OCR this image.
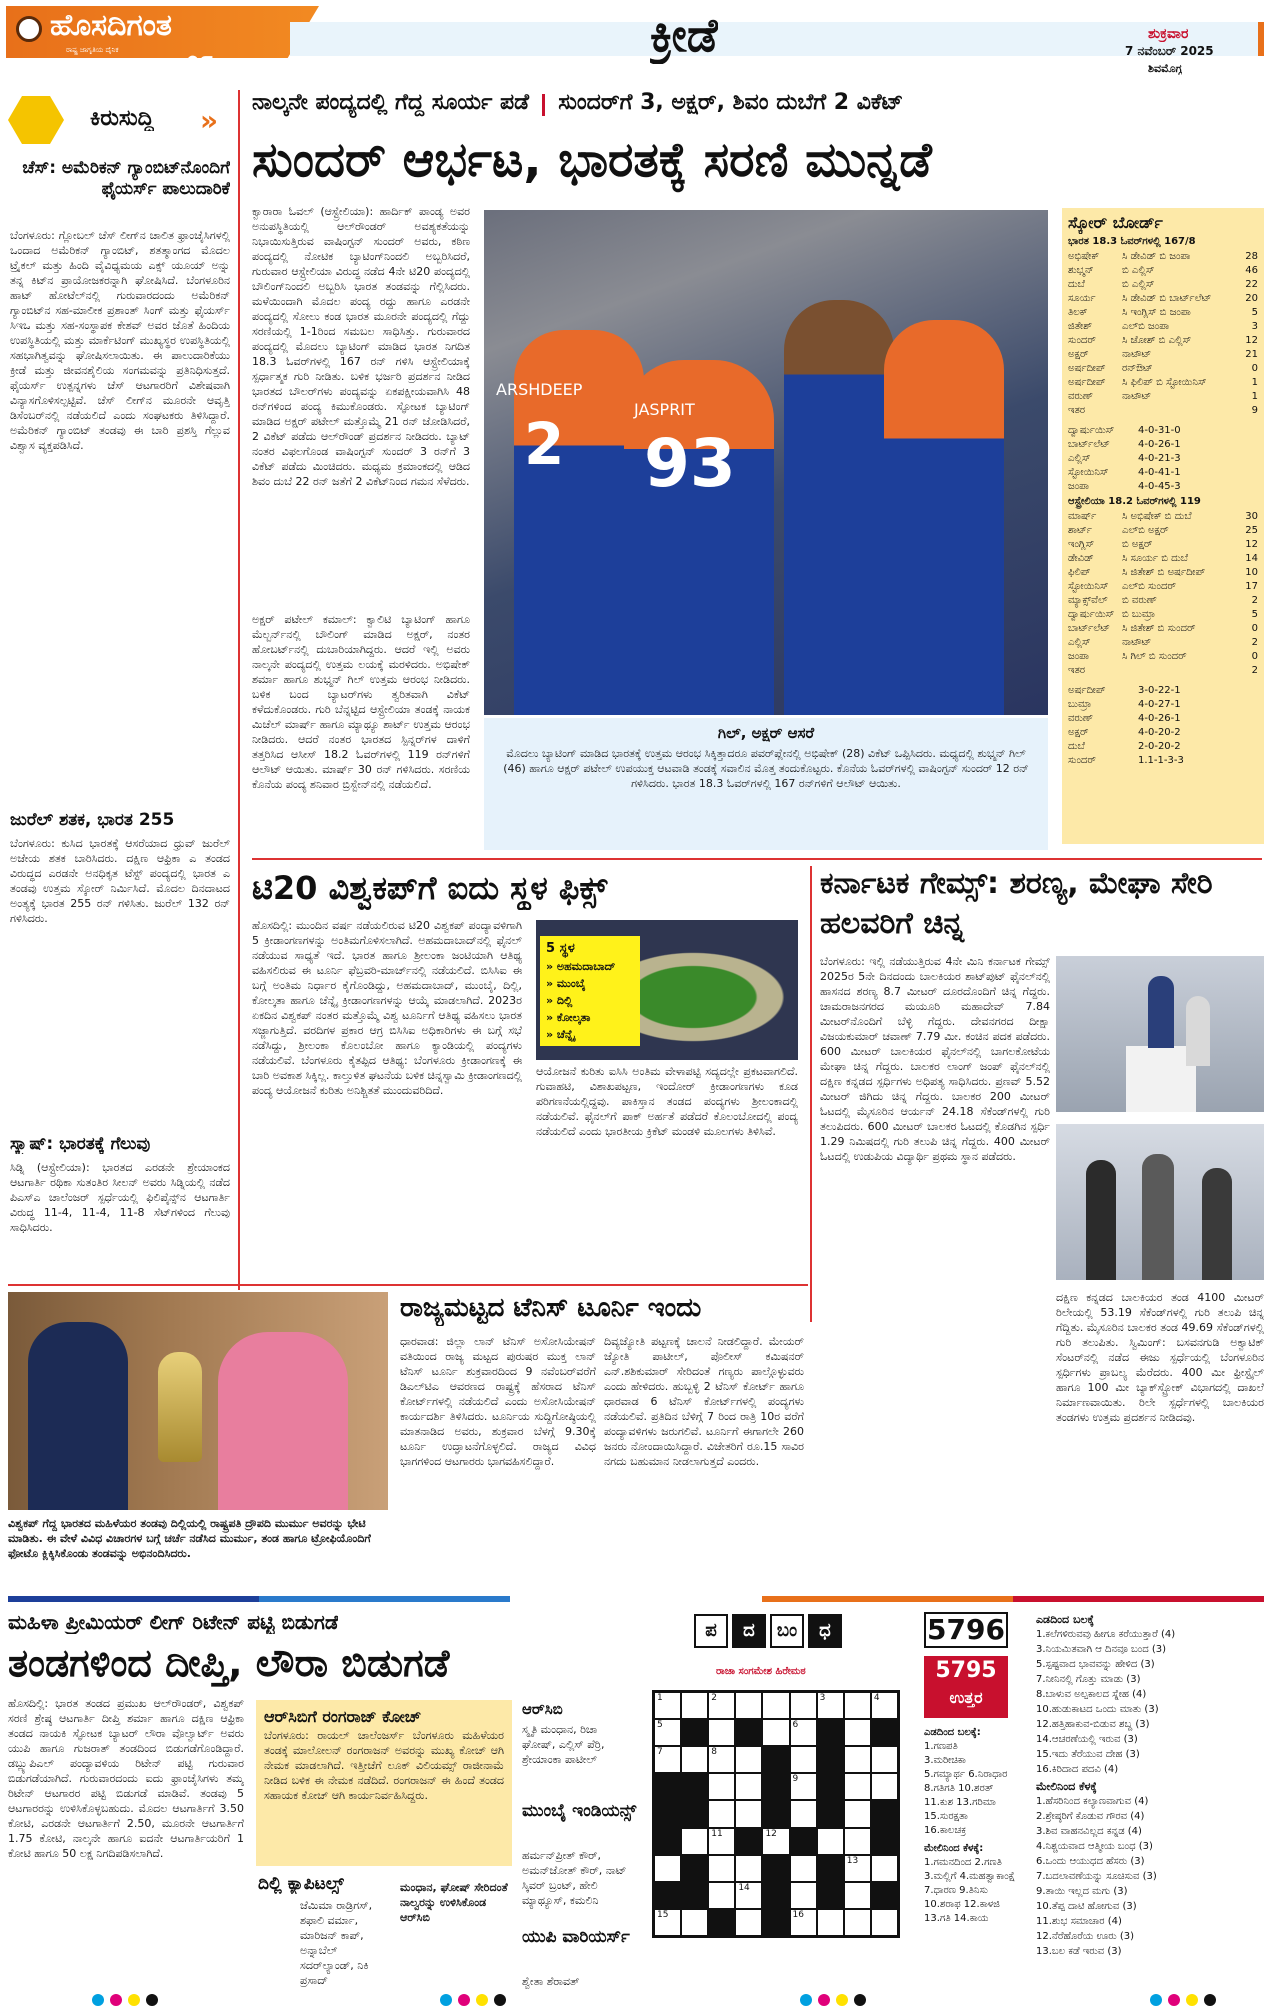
ಹೊಸದಿಗಂತ
ರಾಷ್ಟ್ರ ಜಾಗೃತಿಯ ದೈನಿಕ	೦೯	ಕ್ರೀಡೆ	ಶುಕ್ರವಾರ
7 ನವೆಂಬರ್ 2025
ಶಿವಮೊಗ್ಗ
ಕಿರುಸುದ್ದಿ »
ಚೆಸ್: ಅಮೆರಿಕನ್ ಗ್ಯಾಂಬಿಟ್‌ನೊಂದಿಗೆ ಫೈಯರ್ಸ್ ಪಾಲುದಾರಿಕೆ
ಬೆಂಗಳೂರು: ಗ್ಲೋಬಲ್ ಚೆಸ್ ಲೀಗ್‌ನ ಚಾಲಿತ ಫ್ರಾಂಚೈಸಿಗಳಲ್ಲಿ ಒಂದಾದ ಅಮೆರಿಕನ್ ಗ್ಯಾಂಬಿಟ್, ಶತತ್ಮಾಂಗದ ಮೊದಲ ಟ್ರೈಕಲ್ ಮತ್ತು ಹಿಂದಿ ವೈವಿಧ್ಯಮಯ ಎಕ್ಸ್ ಯೂಯ್ ಅನ್ನು ತನ್ನ ಕಿಟ್‌ನ ಪ್ರಾಯೋಜಕರನ್ನಾಗಿ ಘೋಷಿಸಿದೆ. ಬೆಂಗಳೂರಿನ ಹಾಟ್ ಹೋಟೆಲ್‌ನಲ್ಲಿ ಗುರುವಾರದಂದು ಅಮೆರಿಕನ್ ಗ್ಯಾಂಬಿಟ್‌ನ ಸಹ-ಮಾಲೀಕ ಪ್ರಶಾಂತ್ ಸಿಂಗ್ ಮತ್ತು ಫೈಯರ್ಸ್ ಸಿಇಒ ಮತ್ತು ಸಹ-ಸಂಸ್ಥಾಪಕ ಕೇಶವ್ ಅವರ ಜೊತೆ ಹಿಂದಿಯ ಉಪಸ್ಥಿತಿಯಲ್ಲಿ ಮತ್ತು ಮಾರ್ಕೆಟಿಂಗ್ ಮುಖ್ಯಸ್ಥರ ಉಪಸ್ಥಿತಿಯಲ್ಲಿ ಸಹಭಾಗಿತ್ವವನ್ನು ಘೋಷಿಸಲಾಯಿತು. ಈ ಪಾಲುದಾರಿಕೆಯು ಕ್ರೀಡೆ ಮತ್ತು ಜೀವನಶೈಲಿಯ ಸಂಗಮವನ್ನು ಪ್ರತಿನಿಧಿಸುತ್ತದೆ. ಫೈಯರ್ಸ್ ಉತ್ಪನ್ನಗಳು ಚೆಸ್ ಆಟಗಾರರಿಗೆ ವಿಶೇಷವಾಗಿ ವಿನ್ಯಾಸಗೊಳಿಸಲ್ಪಟ್ಟಿವೆ. ಚೆಸ್ ಲೀಗ್‌ನ ಮೂರನೇ ಆವೃತ್ತಿ ಡಿಸೆಂಬರ್‌ನಲ್ಲಿ ನಡೆಯಲಿದೆ ಎಂದು ಸಂಘಟಕರು ತಿಳಿಸಿದ್ದಾರೆ. ಅಮೆರಿಕನ್ ಗ್ಯಾಂಬಿಟ್ ತಂಡವು ಈ ಬಾರಿ ಪ್ರಶಸ್ತಿ ಗೆಲ್ಲುವ ವಿಶ್ವಾಸ ವ್ಯಕ್ತಪಡಿಸಿದೆ.
ಜುರೆಲ್ ಶತಕ, ಭಾರತ 255
ಬೆಂಗಳೂರು: ಕುಸಿದ ಭಾರತಕ್ಕೆ ಆಸರೆಯಾದ ಧ್ರುವ್ ಜುರೆಲ್ ಅಜೇಯ ಶತಕ ಬಾರಿಸಿದರು. ದಕ್ಷಿಣ ಆಫ್ರಿಕಾ ಎ ತಂಡದ ವಿರುದ್ಧದ ಎರಡನೇ ಅನಧಿಕೃತ ಟೆಸ್ಟ್ ಪಂದ್ಯದಲ್ಲಿ ಭಾರತ ಎ ತಂಡವು ಉತ್ತಮ ಸ್ಕೋರ್ ನಿರ್ಮಿಸಿದೆ. ಮೊದಲ ದಿನದಾಟದ ಅಂತ್ಯಕ್ಕೆ ಭಾರತ 255 ರನ್ ಗಳಿಸಿತು. ಜುರೆಲ್ 132 ರನ್ ಗಳಿಸಿದರು.
ಸ್ಕ್ವಾಷ್: ಭಾರತಕ್ಕೆ ಗೆಲುವು
ಸಿಡ್ನಿ (ಆಸ್ಟ್ರೇಲಿಯಾ): ಭಾರತದ ಎರಡನೇ ಶ್ರೇಯಾಂಕದ ಆಟಗಾರ್ತಿ ರಥಿಕಾ ಸುತಂತಿರ ಸೀಲನ್ ಅವರು ಸಿಡ್ನಿಯಲ್ಲಿ ನಡೆದ ಪಿಎಸ್‌ಎ ಚಾಲೆಂಜರ್ ಸ್ಪರ್ಧೆಯಲ್ಲಿ ಫಿಲಿಪೈನ್ಸ್‌ನ ಆಟಗಾರ್ತಿ ವಿರುದ್ಧ 11-4, 11-4, 11-8 ಸೆಟ್‌ಗಳಿಂದ ಗೆಲುವು ಸಾಧಿಸಿದರು.
ನಾಲ್ಕನೇ ಪಂದ್ಯದಲ್ಲಿ ಗೆದ್ದ ಸೂರ್ಯ ಪಡೆ ಸುಂದರ್‌ಗೆ 3, ಅಕ್ಷರ್, ಶಿವಂ ದುಬೆಗೆ 2 ವಿಕೆಟ್
ಸುಂದರ್ ಆರ್ಭಟ, ಭಾರತಕ್ಕೆ ಸರಣಿ ಮುನ್ನಡೆ
ಕ್ವಾರಾರಾ ಓವಲ್ (ಆಸ್ಟ್ರೇಲಿಯಾ): ಹಾರ್ದಿಕ್ ಪಾಂಡ್ಯ ಅವರ ಅನುಪಸ್ಥಿತಿಯಲ್ಲಿ ಆಲ್‌ರೌಂಡರ್ ಅವಶ್ಯಕತೆಯನ್ನು ನಿಭಾಯಿಸುತ್ತಿರುವ ವಾಷಿಂಗ್ಟನ್ ಸುಂದರ್ ಅವರು, ಕಠಿಣ ಪಂದ್ಯದಲ್ಲಿ ನೋಟಿಕ ಬ್ಯಾಟಿಂಗ್‌ನಿಂದಲಿ ಅಬ್ಬರಿಸಿದರೆ, ಗುರುವಾರ ಆಸ್ಟ್ರೇಲಿಯಾ ವಿರುದ್ಧ ನಡೆದ 4ನೇ ಟಿ20 ಪಂದ್ಯದಲ್ಲಿ ಬೌಲಿಂಗ್‌ನಿಂದಲಿ ಅಬ್ಬರಿಸಿ ಭಾರತ ತಂಡವನ್ನು ಗೆಲ್ಲಿಸಿದರು. ಮಳೆಯಿಂದಾಗಿ ಮೊದಲ ಪಂದ್ಯ ರದ್ದು ಹಾಗೂ ಎರಡನೇ ಪಂದ್ಯದಲ್ಲಿ ಸೋಲು ಕಂಡ ಭಾರತ ಮೂರನೇ ಪಂದ್ಯದಲ್ಲಿ ಗೆದ್ದು ಸರಣಿಯಲ್ಲಿ 1-1ರಿಂದ ಸಮಬಲ ಸಾಧಿಸಿತ್ತು. ಗುರುವಾರದ ಪಂದ್ಯದಲ್ಲಿ ಮೊದಲು ಬ್ಯಾಟಿಂಗ್ ಮಾಡಿದ ಭಾರತ ನಿಗದಿತ 18.3 ಓವರ್‌ಗಳಲ್ಲಿ 167 ರನ್ ಗಳಿಸಿ ಆಸ್ಟ್ರೇಲಿಯಾಕ್ಕೆ ಸ್ಪರ್ಧಾತ್ಮಕ ಗುರಿ ನೀಡಿತು. ಬಳಿಕ ಭರ್ಜರಿ ಪ್ರದರ್ಶನ ನೀಡಿದ ಭಾರತದ ಬೌಲರ್‌ಗಳು ಪಂದ್ಯವನ್ನು ಏಕಪಕ್ಷೀಯವಾಗಿಸಿ 48 ರನ್‌ಗಳಿಂದ ಪಂದ್ಯ ಕಿಮುಕೊಂಡರು. ಸ್ಫೋಟಕ ಬ್ಯಾಟಿಂಗ್ ಮಾಡಿದ ಅಕ್ಷರ್ ಪಟೇಲ್ ಮತ್ತೊಮ್ಮೆ 21 ರನ್ ಜೋಡಿಸಿದರೆ, 2 ವಿಕೆಟ್ ಪಡೆದು ಆಲ್‌ರೌಂಡ್ ಪ್ರದರ್ಶನ ನೀಡಿದರು. ಬ್ಯಾಟ್ ನಂತರ ವಿಫಲಗೊಂಡ ವಾಷಿಂಗ್ಟನ್ ಸುಂದರ್ 3 ರನ್‌ಗೆ 3 ವಿಕೆಟ್ ಪಡೆದು ಮಿಂಚಿದರು. ಮಧ್ಯಮ ಕ್ರಮಾಂಕದಲ್ಲಿ ಆಡಿದ ಶಿವಂ ದುಬೆ 22 ರನ್ ಜತೆಗೆ 2 ವಿಕೆಟ್‌ನಿಂದ ಗಮನ ಸೆಳೆದರು.
ಅಕ್ಷರ್ ಪಟೇಲ್ ಕಮಾಲ್: ಕ್ವಾಲಿಟಿ ಬ್ಯಾಟಿಂಗ್ ಹಾಗೂ ಮೆಲ್ಬರ್ನ್‌ನಲ್ಲಿ ಬೌಲಿಂಗ್ ಮಾಡಿದ ಅಕ್ಷರ್, ನಂತರ ಹೋಬರ್ಟ್‌ನಲ್ಲಿ ದುಬಾರಿಯಾಗಿದ್ದರು. ಆದರೆ ಇಲ್ಲಿ ಅವರು ನಾಲ್ಕನೇ ಪಂದ್ಯದಲ್ಲಿ ಉತ್ತಮ ಲಯಕ್ಕೆ ಮರಳಿದರು. ಅಭಿಷೇಕ್ ಶರ್ಮಾ ಹಾಗೂ ಶುಭ್ಮನ್ ಗಿಲ್ ಉತ್ತಮ ಆರಂಭ ನೀಡಿದರು. ಬಳಿಕ ಬಂದ ಬ್ಯಾಟರ್‌ಗಳು ತ್ವರಿತವಾಗಿ ವಿಕೆಟ್ ಕಳೆದುಕೊಂಡರು. ಗುರಿ ಬೆನ್ನಟ್ಟಿದ ಆಸ್ಟ್ರೇಲಿಯಾ ತಂಡಕ್ಕೆ ನಾಯಕ ಮಿಚೆಲ್ ಮಾರ್ಷ್ ಹಾಗೂ ಮ್ಯಾಥ್ಯೂ ಶಾರ್ಟ್ ಉತ್ತಮ ಆರಂಭ ನೀಡಿದರು. ಆದರೆ ನಂತರ ಭಾರತದ ಸ್ಪಿನ್ನರ್‌ಗಳ ದಾಳಿಗೆ ತತ್ತರಿಸಿದ ಆಸೀಸ್ 18.2 ಓವರ್‌ಗಳಲ್ಲಿ 119 ರನ್‌ಗಳಿಗೆ ಆಲೌಟ್ ಆಯಿತು. ಮಾರ್ಷ್ 30 ರನ್ ಗಳಿಸಿದರು. ಸರಣಿಯ ಕೊನೆಯ ಪಂದ್ಯ ಶನಿವಾರ ಬ್ರಿಸ್ಬೇನ್‌ನಲ್ಲಿ ನಡೆಯಲಿದೆ.
2 93
ARSHDEEP
JASPRIT
ಗಿಲ್, ಅಕ್ಷರ್ ಆಸರೆ
ಮೊದಲು ಬ್ಯಾಟಿಂಗ್ ಮಾಡಿದ ಭಾರತಕ್ಕೆ ಉತ್ತಮ ಆರಂಭ ಸಿಕ್ಕಿತ್ತಾದರೂ ಪವರ್‌ಪ್ಲೇನಲ್ಲಿ ಅಭಿಷೇಕ್ (28) ವಿಕೆಟ್ ಒಪ್ಪಿಸಿದರು. ಮಧ್ಯದಲ್ಲಿ ಶುಭ್ಮನ್ ಗಿಲ್ (46) ಹಾಗೂ ಆಕ್ಷರ್ ಪಟೇಲ್ ಉಪಯುಕ್ತ ಆಟವಾಡಿ ತಂಡಕ್ಕೆ ಸವಾಲಿನ ಮೊತ್ತ ತಂದುಕೊಟ್ಟರು. ಕೊನೆಯ ಓವರ್‌ಗಳಲ್ಲಿ ವಾಷಿಂಗ್ಟನ್ ಸುಂದರ್ 12 ರನ್ ಗಳಿಸಿದರು. ಭಾರತ 18.3 ಓವರ್‌ಗಳಲ್ಲಿ 167 ರನ್‌ಗಳಿಗೆ ಆಲೌಟ್ ಆಯಿತು.
ಸ್ಕೋರ್ ಬೋರ್ಡ್
ಭಾರತ 18.3 ಓವರ್‌ಗಳಲ್ಲಿ 167/8
ಅಭಿಷೇಕ್	ಸಿ ಡೇವಿಡ್ ಬಿ ಜಂಪಾ	28
ಶುಭ್ಮನ್	ಬಿ ಎಲ್ಲಿಸ್	46
ದುಬೆ	ಬಿ ಎಲ್ಲಿಸ್	22
ಸೂರ್ಯ	ಸಿ ಡೇವಿಡ್ ಬಿ ಬಾರ್ಟ್‌ಲೆಟ್	20
ತಿಲಕ್	ಸಿ ಇಂಗ್ಲಿಸ್ ಬಿ ಜಂಪಾ	5
ಜಿತೇಶ್	ಎಲ್‌ಬಿ ಜಂಪಾ	3
ಸುಂದರ್	ಸಿ ಜೋಶ್ ಬಿ ಎಲ್ಲಿಸ್	12
ಅಕ್ಷರ್	ನಾಟೌಟ್	21
ಅರ್ಷದೀಪ್	ರನ್‌ಔಟ್	0
ಅರ್ಷದೀಪ್	ಸಿ ಫಿಲಿಪ್ ಬಿ ಸ್ಟೋಯಿನಿಸ್	1
ವರುಣ್	ನಾಟೌಟ್	1
ಇತರ	9
ದ್ವಾರ್ಷುಯಿಸ್	4-0-31-0
ಬಾರ್ಟ್‌ಲೆಟ್	4-0-26-1
ಎಲ್ಲಿಸ್	4-0-21-3
ಸ್ಟೋಯಿನಿಸ್	4-0-41-1
ಜಂಪಾ	4-0-45-3
ಆಸ್ಟ್ರೇಲಿಯಾ 18.2 ಓವರ್‌ಗಳಲ್ಲಿ 119
ಮಾರ್ಷ್	ಸಿ ಅಭಿಷೇಕ್ ಬಿ ದುಬೆ	30
ಶಾರ್ಟ್	ಎಲ್‌ಬಿ ಅಕ್ಷರ್	25
ಇಂಗ್ಲಿಸ್	ಬಿ ಅಕ್ಷರ್	12
ಡೇವಿಡ್	ಸಿ ಸೂರ್ಯ ಬಿ ದುಬೆ	14
ಫಿಲಿಪ್	ಸಿ ಜಿತೇಶ್ ಬಿ ಅರ್ಷದೀಪ್	10
ಸ್ಟೋಯಿನಿಸ್	ಎಲ್‌ಬಿ ಸುಂದರ್	17
ಮ್ಯಾಕ್ಸ್‌ವೆಲ್	ಬಿ ವರುಣ್	2
ದ್ವಾರ್ಷುಯಿಸ್ ಬಿ ಬುಮ್ರಾ	5
ಬಾರ್ಟ್‌ಲೆಟ್	ಸಿ ಜಿತೇಶ್ ಬಿ ಸುಂದರ್	0
ಎಲ್ಲಿಸ್	ನಾಟೌಟ್	2
ಜಂಪಾ	ಸಿ ಗಿಲ್ ಬಿ ಸುಂದರ್	0
ಇತರ	2
ಅರ್ಷದೀಪ್	3-0-22-1
ಬುಮ್ರಾ	4-0-27-1
ವರುಣ್	4-0-26-1
ಅಕ್ಷರ್	4-0-20-2
ದುಬೆ	2-0-20-2
ಸುಂದರ್	1.1-1-3-3
ಟಿ20 ವಿಶ್ವಕಪ್‌ಗೆ ಐದು ಸ್ಥಳ ಫಿಕ್ಸ್
ಹೊಸದಿಲ್ಲಿ: ಮುಂದಿನ ವರ್ಷ ನಡೆಯಲಿರುವ ಟಿ20 ವಿಶ್ವಕಪ್ ಪಂದ್ಯಾವಳಿಗಾಗಿ 5 ಕ್ರೀಡಾಂಗಣಗಳನ್ನು ಅಂತಿಮಗೊಳಿಸಲಾಗಿದೆ. ಅಹಮದಾಬಾದ್‌ನಲ್ಲಿ ಫೈನಲ್ ನಡೆಯುವ ಸಾಧ್ಯತೆ ಇದೆ. ಭಾರತ ಹಾಗೂ ಶ್ರೀಲಂಕಾ ಜಂಟಿಯಾಗಿ ಆತಿಥ್ಯ ವಹಿಸಲಿರುವ ಈ ಟೂರ್ನಿ ಫೆಬ್ರವರಿ-ಮಾರ್ಚ್‌ನಲ್ಲಿ ನಡೆಯಲಿದೆ. ಬಿಸಿಸಿಐ ಈ ಬಗ್ಗೆ ಅಂತಿಮ ನಿರ್ಧಾರ ಕೈಗೊಂಡಿದ್ದು, ಅಹಮದಾಬಾದ್, ಮುಂಬೈ, ದಿಲ್ಲಿ, ಕೋಲ್ಕತಾ ಹಾಗೂ ಚೆನ್ನೈ ಕ್ರೀಡಾಂಗಣಗಳನ್ನು ಆಯ್ಕೆ ಮಾಡಲಾಗಿದೆ. 2023ರ ಏಕದಿನ ವಿಶ್ವಕಪ್ ನಂತರ ಮತ್ತೊಮ್ಮೆ ವಿಶ್ವ ಟೂರ್ನಿಗೆ ಆತಿಥ್ಯ ವಹಿಸಲು ಭಾರತ ಸಜ್ಜಾಗುತ್ತಿದೆ. ವರದಿಗಳ ಪ್ರಕಾರ ಆಗ್ರ ಬಿಸಿಸಿಐ ಅಧಿಕಾರಿಗಳು ಈ ಬಗ್ಗೆ ಸಭೆ ನಡೆಸಿದ್ದು, ಶ್ರೀಲಂಕಾ ಕೊಲಂಬೋ ಹಾಗೂ ಕ್ಯಾಂಡಿಯಲ್ಲಿ ಪಂದ್ಯಗಳು ನಡೆಯಲಿವೆ. ಬೆಂಗಳೂರು ಕೈತಪ್ಪಿದ ಆತಿಥ್ಯ: ಬೆಂಗಳೂರು ಕ್ರೀಡಾಂಗಣಕ್ಕೆ ಈ ಬಾರಿ ಅವಕಾಶ ಸಿಕ್ಕಿಲ್ಲ. ಕಾಲ್ತುಳಿತ ಘಟನೆಯ ಬಳಿಕ ಚಿನ್ನಸ್ವಾಮಿ ಕ್ರೀಡಾಂಗಣದಲ್ಲಿ ಪಂದ್ಯ ಆಯೋಜನೆ ಕುರಿತು ಅನಿಶ್ಚಿತತೆ ಮುಂದುವರಿದಿದೆ.
5 ಸ್ಥಳ
» ಅಹಮದಾಬಾದ್
» ಮುಂಬೈ
» ದಿಲ್ಲಿ
» ಕೋಲ್ಕತಾ
» ಚೆನ್ನೈ
ಆಯೋಜನೆ ಕುರಿತು ಐಸಿಸಿ ಅಂತಿಮ ವೇಳಾಪಟ್ಟಿ ಸದ್ಯದಲ್ಲೇ ಪ್ರಕಟವಾಗಲಿದೆ. ಗುವಾಹಟಿ, ವಿಶಾಖಪಟ್ಟಣ, ಇಂದೋರ್ ಕ್ರೀಡಾಂಗಣಗಳು ಕೂಡ ಪರಿಗಣನೆಯಲ್ಲಿದ್ದವು. ಪಾಕಿಸ್ತಾನ ತಂಡದ ಪಂದ್ಯಗಳು ಶ್ರೀಲಂಕಾದಲ್ಲಿ ನಡೆಯಲಿವೆ. ಫೈನಲ್‌ಗೆ ಪಾಕ್ ಅರ್ಹತೆ ಪಡೆದರೆ ಕೊಲಂಬೋದಲ್ಲಿ ಪಂದ್ಯ ನಡೆಯಲಿದೆ ಎಂದು ಭಾರತೀಯ ಕ್ರಿಕೆಟ್ ಮಂಡಳಿ ಮೂಲಗಳು ತಿಳಿಸಿವೆ.
ಕರ್ನಾಟಕ ಗೇಮ್ಸ್: ಶರಣ್ಯ, ಮೇಘಾ ಸೇರಿ ಹಲವರಿಗೆ ಚಿನ್ನ
ಬೆಂಗಳೂರು: ಇಲ್ಲಿ ನಡೆಯುತ್ತಿರುವ 4ನೇ ಮಿನಿ ಕರ್ನಾಟಕ ಗೇಮ್ಸ್ 2025ರ 5ನೇ ದಿನದಂದು ಬಾಲಕಿಯರ ಶಾಟ್‌ಪುಟ್ ಫೈನಲ್‌ನಲ್ಲಿ ಹಾಸನದ ಶರಣ್ಯ 8.7 ಮೀಟರ್ ದೂರದೊಂದಿಗೆ ಚಿನ್ನ ಗೆದ್ದರು. ಚಾಮರಾಜನಗರದ ಮಯೂರಿ ಮಹಾದೇವ್ 7.84 ಮೀಟರ್‌ನೊಂದಿಗೆ ಬೆಳ್ಳಿ ಗೆದ್ದರು. ದೇವನಗರದ ದೀಕ್ಷಾ ವಿಜಯಕುಮಾರ್ ಚವಾಣ್ 7.79 ಮೀ. ಕಂಚಿನ ಪದಕ ಪಡೆದರು. 600 ಮೀಟರ್ ಬಾಲಕಿಯರ ಫೈನಲ್‌ನಲ್ಲಿ ಬಾಗಲಕೋಟೆಯ ಮೇಘಾ ಚಿನ್ನ ಗೆದ್ದರು. ಬಾಲಕರ ಲಾಂಗ್ ಜಂಪ್ ಫೈನಲ್‌ನಲ್ಲಿ ದಕ್ಷಿಣ ಕನ್ನಡದ ಸ್ಪರ್ಧಿಗಳು ಅಧಿಪತ್ಯ ಸಾಧಿಸಿದರು. ಪ್ರಣವ್ 5.52 ಮೀಟರ್ ಜಿಗಿದು ಚಿನ್ನ ಗೆದ್ದರು. ಬಾಲಕರ 200 ಮೀಟರ್ ಓಟದಲ್ಲಿ ಮೈಸೂರಿನ ಆರ್ಯನ್ 24.18 ಸೆಕೆಂಡ್‌ಗಳಲ್ಲಿ ಗುರಿ ತಲುಪಿದರು. 600 ಮೀಟರ್ ಬಾಲಕರ ಓಟದಲ್ಲಿ ಕೊಡಗಿನ ಸ್ಪರ್ಧಿ 1.29 ನಿಮಿಷದಲ್ಲಿ ಗುರಿ ತಲುಪಿ ಚಿನ್ನ ಗೆದ್ದರು. 400 ಮೀಟರ್ ಓಟದಲ್ಲಿ ಉಡುಪಿಯ ವಿದ್ಯಾರ್ಥಿ ಪ್ರಥಮ ಸ್ಥಾನ ಪಡೆದರು.
ದಕ್ಷಿಣ ಕನ್ನಡದ ಬಾಲಕಿಯರ ತಂಡ 4100 ಮೀಟರ್ ರಿಲೇಯಲ್ಲಿ 53.19 ಸೆಕೆಂಡ್‌ಗಳಲ್ಲಿ ಗುರಿ ತಲುಪಿ ಚಿನ್ನ ಗೆದ್ದಿತು. ಮೈಸೂರಿನ ಬಾಲಕರ ತಂಡ 49.69 ಸೆಕೆಂಡ್‌ಗಳಲ್ಲಿ ಗುರಿ ತಲುಪಿತು. ಸ್ವಿಮಿಂಗ್: ಬಸವನಗುಡಿ ಅಕ್ವಾಟಿಕ್ ಸೆಂಟರ್‌ನಲ್ಲಿ ನಡೆದ ಈಜು ಸ್ಪರ್ಧೆಯಲ್ಲಿ ಬೆಂಗಳೂರಿನ ಸ್ಪರ್ಧಿಗಳು ಪ್ರಾಬಲ್ಯ ಮೆರೆದರು. 400 ಮೀ ಫ್ರೀಸ್ಟೈಲ್ ಹಾಗೂ 100 ಮೀ ಬ್ಯಾಕ್‌ಸ್ಟ್ರೋಕ್ ವಿಭಾಗದಲ್ಲಿ ದಾಖಲೆ ನಿರ್ಮಾಣವಾಯಿತು. ರಿಲೇ ಸ್ಪರ್ಧೆಗಳಲ್ಲಿ ಬಾಲಕಿಯರ ತಂಡಗಳು ಉತ್ತಮ ಪ್ರದರ್ಶನ ನೀಡಿದವು.
ವಿಶ್ವಕಪ್ ಗೆದ್ದ ಭಾರತದ ಮಹಿಳೆಯರ ತಂಡವು ದಿಲ್ಲಿಯಲ್ಲಿ ರಾಷ್ಟ್ರಪತಿ ದ್ರೌಪದಿ ಮುರ್ಮು ಅವರನ್ನು ಭೇಟಿ ಮಾಡಿತು. ಈ ವೇಳೆ ವಿವಿಧ ವಿಚಾರಗಳ ಬಗ್ಗೆ ಚರ್ಚೆ ನಡೆಸಿದ ಮುರ್ಮು, ತಂಡ ಹಾಗೂ ಟ್ರೋಫಿಯೊಂದಿಗೆ ಫೋಟೊ ಕ್ಲಿಕ್ಕಿಸಿಕೊಂಡು ತಂಡವನ್ನು ಅಭಿನಂದಿಸಿದರು.
ರಾಜ್ಯಮಟ್ಟದ ಟೆನಿಸ್ ಟೂರ್ನಿ ಇಂದು
ಧಾರವಾಡ: ಜಿಲ್ಲಾ ಲಾನ್ ಟೆನಿಸ್ ಅಸೋಸಿಯೇಷನ್ ವತಿಯಿಂದ ರಾಜ್ಯ ಮಟ್ಟದ ಪುರುಷರ ಮುಕ್ತ ಲಾನ್ ಟೆನಿಸ್ ಟೂರ್ನಿ ಶುಕ್ರವಾರದಿಂದ 9 ನವೆಂಬರ್‌ವರೆಗೆ ಡಿಎಲ್‌ಟಿಎ ಆವರಣದ ರಾಷ್ಟ್ರಕ್ಕೆ ಹೆಸರಾದ ಟೆನಿಸ್ ಕೋರ್ಟ್‌ಗಳಲ್ಲಿ ನಡೆಯಲಿದೆ ಎಂದು ಅಸೋಸಿಯೇಷನ್ ಕಾರ್ಯದರ್ಶಿ ತಿಳಿಸಿದರು. ಟೂರ್ನಿಯ ಸುದ್ದಿಗೋಷ್ಠಿಯಲ್ಲಿ ಮಾತನಾಡಿದ ಅವರು, ಶುಕ್ರವಾರ ಬೆಳಗ್ಗೆ 9.30ಕ್ಕೆ ಟೂರ್ನಿ ಉದ್ಘಾಟನೆಗೊಳ್ಳಲಿದೆ. ರಾಜ್ಯದ ವಿವಿಧ ಭಾಗಗಳಿಂದ ಆಟಗಾರರು ಭಾಗವಹಿಸಲಿದ್ದಾರೆ.
ದಿವ್ಯಜ್ಯೋತಿ ಪಟ್ಟಣಕ್ಕೆ ಚಾಲನೆ ನೀಡಲಿದ್ದಾರೆ. ಮೇಯರ್ ಜ್ಯೋತಿ ಪಾಟೀಲ್, ಪೊಲೀಸ್ ಕಮಿಷನರ್ ಎನ್.ಶಶಿಕುಮಾರ್ ಸೇರಿದಂತೆ ಗಣ್ಯರು ಪಾಲ್ಗೊಳ್ಳುವರು ಎಂದು ಹೇಳಿದರು. ಹುಬ್ಬಳ್ಳಿ 2 ಟೆನಿಸ್ ಕೋರ್ಟ್ ಹಾಗೂ ಧಾರವಾಡ 6 ಟೆನಿಸ್ ಕೋರ್ಟ್‌ಗಳಲ್ಲಿ ಪಂದ್ಯಗಳು ನಡೆಯಲಿವೆ. ಪ್ರತಿದಿನ ಬೆಳಿಗ್ಗೆ 7 ರಿಂದ ರಾತ್ರಿ 10ರ ವರೆಗೆ ಪಂದ್ಯಾವಳಿಗಳು ಜರುಗಲಿವೆ. ಟೂರ್ನಿಗೆ ಈಗಾಗಲೇ 260 ಜನರು ನೋಂದಾಯಿಸಿದ್ದಾರೆ. ವಿಜೇತರಿಗೆ ರೂ.15 ಸಾವಿರ ನಗದು ಬಹುಮಾನ ನೀಡಲಾಗುತ್ತದೆ ಎಂದರು.
ಮಹಿಳಾ ಪ್ರೀಮಿಯರ್ ಲೀಗ್ ರಿಟೇನ್ ಪಟ್ಟಿ ಬಿಡುಗಡೆ
ತಂಡಗಳಿಂದ ದೀಪ್ತಿ, ಲೌರಾ ಬಿಡುಗಡೆ
ಹೊಸದಿಲ್ಲಿ: ಭಾರತ ತಂಡದ ಪ್ರಮುಖ ಆಲ್‌ರೌಂಡರ್, ವಿಶ್ವಕಪ್ ಸರಣಿ ಶ್ರೇಷ್ಠ ಆಟಗಾರ್ತಿ ದೀಪ್ತಿ ಶರ್ಮಾ ಹಾಗೂ ದಕ್ಷಿಣ ಆಫ್ರಿಕಾ ತಂಡದ ನಾಯಕಿ ಸ್ಫೋಟಕ ಬ್ಯಾಟರ್ ಲೌರಾ ವೊಲ್ವಾರ್ಟ್ ಅವರು ಯುಪಿ ಹಾಗೂ ಗುಜರಾತ್ ತಂಡದಿಂದ ಬಿಡುಗಡೆಗೊಂಡಿದ್ದಾರೆ. ಡಬ್ಲ್ಯುಪಿಎಲ್ ಪಂದ್ಯಾವಳಿಯ ರಿಟೇನ್ ಪಟ್ಟಿ ಗುರುವಾರ ಬಿಡುಗಡೆಯಾಗಿದೆ. ಗುರುವಾರದಂದು ಐದು ಫ್ರಾಂಚೈಸಿಗಳು ತಮ್ಮ ರಿಟೇನ್ ಆಟಗಾರರ ಪಟ್ಟಿ ಬಿಡುಗಡೆ ಮಾಡಿವೆ. ತಂಡವು 5 ಆಟಗಾರರನ್ನು ಉಳಿಸಿಕೊಳ್ಳಬಹುದು. ಮೊದಲ ಆಟಗಾರ್ತಿಗೆ 3.50 ಕೋಟಿ, ಎರಡನೇ ಆಟಗಾರ್ತಿಗೆ 2.50, ಮೂರನೇ ಆಟಗಾರ್ತಿಗೆ 1.75 ಕೋಟಿ, ನಾಲ್ಕನೇ ಹಾಗೂ ಐದನೇ ಆಟಗಾರ್ತಿಯರಿಗೆ 1 ಕೋಟಿ ಹಾಗೂ 50 ಲಕ್ಷ ನಿಗದಿಪಡಿಸಲಾಗಿದೆ.
ಆರ್‌ಸಿಬಿಗೆ ರಂಗರಾಜ್ ಕೋಚ್
ಬೆಂಗಳೂರು: ರಾಯಲ್ ಚಾಲೆಂಜರ್ಸ್ ಬೆಂಗಳೂರು ಮಹಿಳೆಯರ ತಂಡಕ್ಕೆ ಮಾಲೋಲನ್ ರಂಗರಾಜನ್ ಅವರನ್ನು ಮುಖ್ಯ ಕೋಚ್ ಆಗಿ ನೇಮಕ ಮಾಡಲಾಗಿದೆ. ಇತ್ತೀಚೆಗೆ ಲೂಕ್ ವಿಲಿಯಮ್ಸ್ ರಾಜೀನಾಮೆ ನೀಡಿದ ಬಳಿಕ ಈ ನೇಮಕ ನಡೆದಿದೆ. ರಂಗರಾಜನ್ ಈ ಹಿಂದೆ ತಂಡದ ಸಹಾಯಕ ಕೋಚ್ ಆಗಿ ಕಾರ್ಯನಿರ್ವಹಿಸಿದ್ದರು.
ದಿಲ್ಲಿ ಕ್ಯಾಪಿಟಲ್ಸ್
ಜೆಮಿಮಾ ರಾಡ್ರಿಗಸ್, ಶಫಾಲಿ ವರ್ಮಾ, ಮಾರಿಜನ್ ಕಾಪ್, ಅನ್ನಾಬೆಲ್ ಸದರ್‌ಲ್ಯಾಂಡ್, ನಿಕಿ ಪ್ರಸಾದ್
ಮಂಧಾನ, ಘೋಷ್ ಸೇರಿದಂತೆ ನಾಲ್ವರನ್ನು ಉಳಿಸಿಕೊಂಡ ಆರ್‌ಸಿಬಿ
ಆರ್‌ಸಿಬಿ
ಸ್ಮೃತಿ ಮಂಧಾನ, ರಿಚಾ ಘೋಷ್, ಎಲ್ಲಿಸ್ ಪೆರ್ರಿ, ಶ್ರೇಯಾಂಕಾ ಪಾಟೀಲ್
ಮುಂಬೈ ಇಂಡಿಯನ್ಸ್
ಹರ್ಮನ್‌ಪ್ರೀತ್ ಕೌರ್, ಅಮನ್‌ಜೋತ್ ಕೌರ್, ನಾಟ್ ಸ್ಕಿವರ್ ಬ್ರಂಟ್, ಹೇಲಿ ಮ್ಯಾಥ್ಯೂಸ್, ಕಮಲಿನಿ
ಯುಪಿ ವಾರಿಯರ್ಸ್
ಶ್ವೇತಾ ಶೆರಾವತ್
ಪ	ದ	ಬಂ	ಧ
ರಾಜಾ ಸಂಗಮೇಶ ಹಿರೇಮಠ
1	2	3	4
5	6
7	8
9
11	12
13
14
15	16
5796
5795
ಉತ್ತರ
ಎಡದಿಂದ ಬಲಕ್ಕೆ:
1.ಗಣಪತಿ
3.ಮರೀಚಿಕಾ
5.ಗಮ್ಯಾರ್ಥ 6.ನಿರಾಧಾರ
8.ಗತಿಗತಿ 10.ಶರತ್
11.ಕುಶ 13.ಗರಿಮಾ
15.ಸುರಕ್ಷತಾ
16.ಕಾಲಚಕ್ರ
ಮೇಲಿನಿಂದ ಕೆಳಕ್ಕೆ:
1.ಗಮನದಿಂದ 2.ಗಣತಿ
3.ಮಲ್ಲಿಗೆ 4.ಮಹತ್ವಾಕಾಂಕ್ಷೆ
7.ಧಾರಣ 9.ತಿನಿಸು
10.ಶರಾಫ 12.ಕಾಳಜಿ
13.ಗತಿ 14.ಕಾಯ
ಎಡದಿಂದ ಬಲಕ್ಕೆ
1.ಕಲೆಗಳಿರುವವು ಹೀಗೂ ಕರೆಯುತ್ತಾರೆ (4)
3.ನಿಯಮಿತವಾಗಿ ಆ ದಿನವೂ ಬಂದ (3)
5.ಸ್ಪಷ್ಟವಾದ ಭಾವವನ್ನು ಹೇಳಿದ (3)
7.ನೀನಿನಲ್ಲಿ ಗೊತ್ತು ಮಾಡು (3)
8.ಬಾಳುವ ಅಲ್ಪಕಾಲದ ಸ್ನೇಹ (4)
10.ಹುಡುಕಾಟದ ಒಂದು ಮಾತು (3)
12.ಹತ್ತಿಹಾಕುವ-ಬಿಡುವ ಶಬ್ದ (3)
14.ಆಚರಣೆಯಲ್ಲಿ ಇರುವ (3)
15.ಇದು ತೆರೆಯುವ ದೇಹ (3)
16.ಕಿರಿದಾದ ಪದವಿ (4)
ಮೇಲಿನಿಂದ ಕೆಳಕ್ಕೆ
1.ಹೆಸರಿನಿಂದ ಕಲ್ಯಾಣವಾಗುವ (4)
2.ಶ್ರೇಷ್ಠರಿಗೆ ಕೊಡುವ ಗೌರವ (4)
3.ಶಿವ ವಾಹನವಿಲ್ಲದ ಕನ್ನಡ (4)
4.ನಿಶ್ಚಯವಾದ ಆತ್ಮೀಯ ಬಂಧ (3)
6.ಒಂದು ಆಯುಧದ ಹೆಸರು (3)
7.ಬದಲಾವಣೆಯನ್ನು ಸೂಚಿಸುವ (3)
9.ತಾಯಿ ಇಲ್ಲದ ಮಗು (3)
10.ತೆಪ್ಪ ದಾಟಿ ಹೋಗುವ (3)
11.ಶುಭ ಸಮಾಚಾರ (4)
12.ನೆರೆಹೊರೆಯ ಊರು (3)
13.ಬಲ ಕಡೆ ಇರುವ (3)
